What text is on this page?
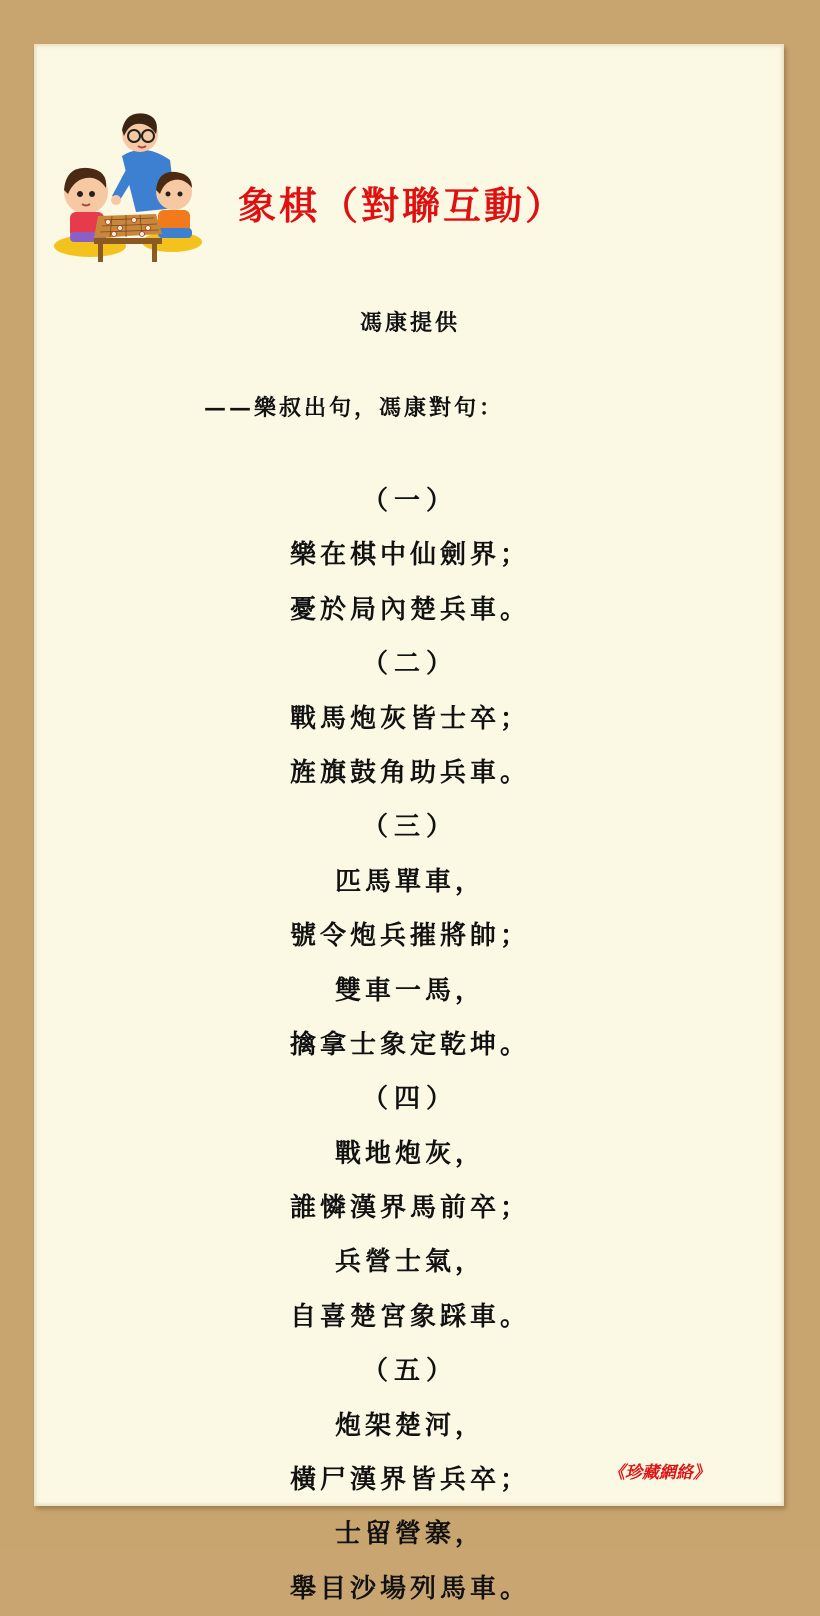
象棋（對聯互動）
馮康提供
——樂叔出句，馮康對句：
（一）
樂在棋中仙劍界；
憂於局內楚兵車。
（二）
戰馬炮灰皆士卒；
旌旗鼓角助兵車。
（三）
匹馬單車，
號令炮兵摧將帥；
雙車一馬，
擒拿士象定乾坤。
（四）
戰地炮灰，
誰憐漢界馬前卒；
兵營士氣，
自喜楚宮象踩車。
（五）
炮架楚河，
橫尸漢界皆兵卒；
士留營寨，
舉目沙場列馬車。
《珍藏網絡》
